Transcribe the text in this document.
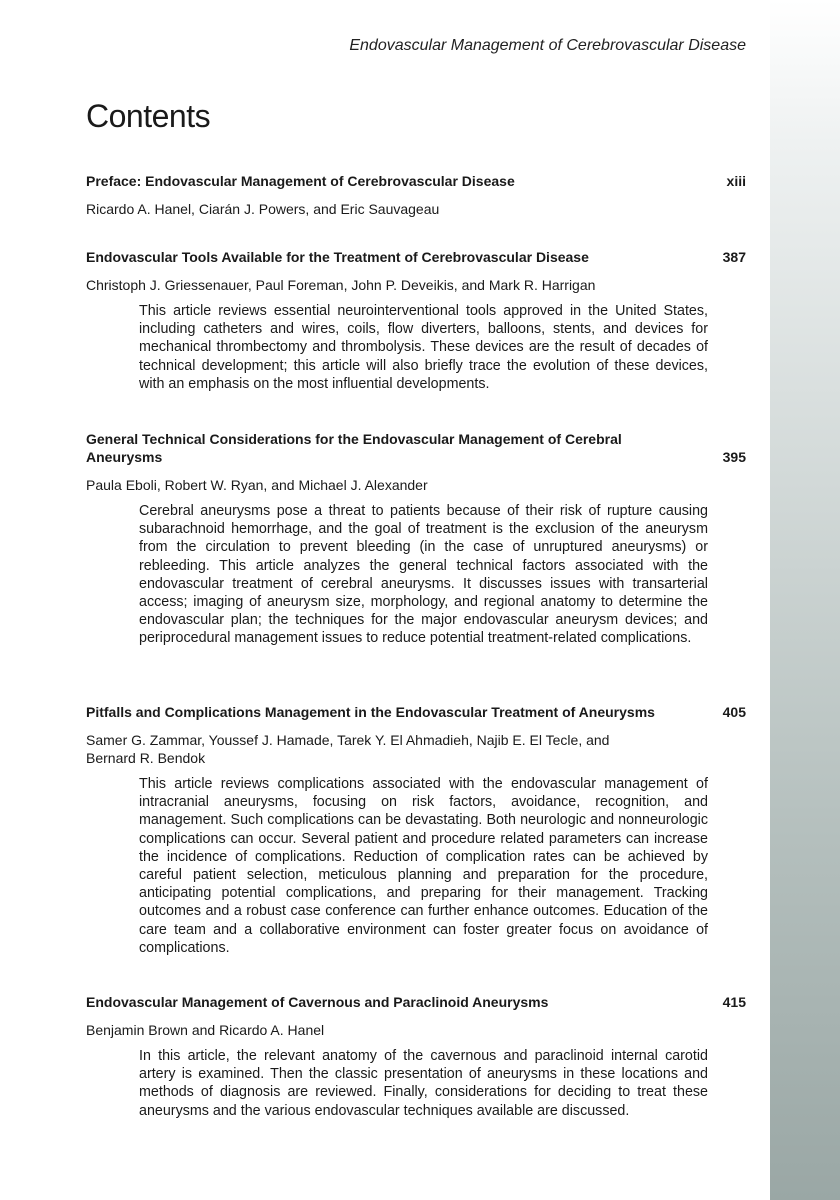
Endovascular Management of Cerebrovascular Disease
Contents
Preface: Endovascular Management of Cerebrovascular Disease	xiii
Ricardo A. Hanel, Ciarán J. Powers, and Eric Sauvageau
Endovascular Tools Available for the Treatment of Cerebrovascular Disease	387
Christoph J. Griessenauer, Paul Foreman, John P. Deveikis, and Mark R. Harrigan
This article reviews essential neurointerventional tools approved in the United States, including catheters and wires, coils, flow diverters, balloons, stents, and devices for mechanical thrombectomy and thrombolysis. These devices are the result of decades of technical development; this article will also briefly trace the evolution of these devices, with an emphasis on the most influential developments.
General Technical Considerations for the Endovascular Management of Cerebral Aneurysms	395
Paula Eboli, Robert W. Ryan, and Michael J. Alexander
Cerebral aneurysms pose a threat to patients because of their risk of rupture causing subarachnoid hemorrhage, and the goal of treatment is the exclusion of the aneurysm from the circulation to prevent bleeding (in the case of unruptured aneurysms) or rebleeding. This article analyzes the general technical factors associated with the endovascular treatment of cerebral aneurysms. It discusses issues with transarterial access; imaging of aneurysm size, morphology, and regional anatomy to determine the endovascular plan; the techniques for the major endovascular aneurysm devices; and periprocedural management issues to reduce potential treatment-related complications.
Pitfalls and Complications Management in the Endovascular Treatment of Aneurysms	405
Samer G. Zammar, Youssef J. Hamade, Tarek Y. El Ahmadieh, Najib E. El Tecle, and Bernard R. Bendok
This article reviews complications associated with the endovascular management of intracranial aneurysms, focusing on risk factors, avoidance, recognition, and management. Such complications can be devastating. Both neurologic and nonneurologic complications can occur. Several patient and procedure related parameters can increase the incidence of complications. Reduction of complication rates can be achieved by careful patient selection, meticulous planning and preparation for the procedure, anticipating potential complications, and preparing for their management. Tracking outcomes and a robust case conference can further enhance outcomes. Education of the care team and a collaborative environment can foster greater focus on avoidance of complications.
Endovascular Management of Cavernous and Paraclinoid Aneurysms	415
Benjamin Brown and Ricardo A. Hanel
In this article, the relevant anatomy of the cavernous and paraclinoid internal carotid artery is examined. Then the classic presentation of aneurysms in these locations and methods of diagnosis are reviewed. Finally, considerations for deciding to treat these aneurysms and the various endovascular techniques available are discussed.
